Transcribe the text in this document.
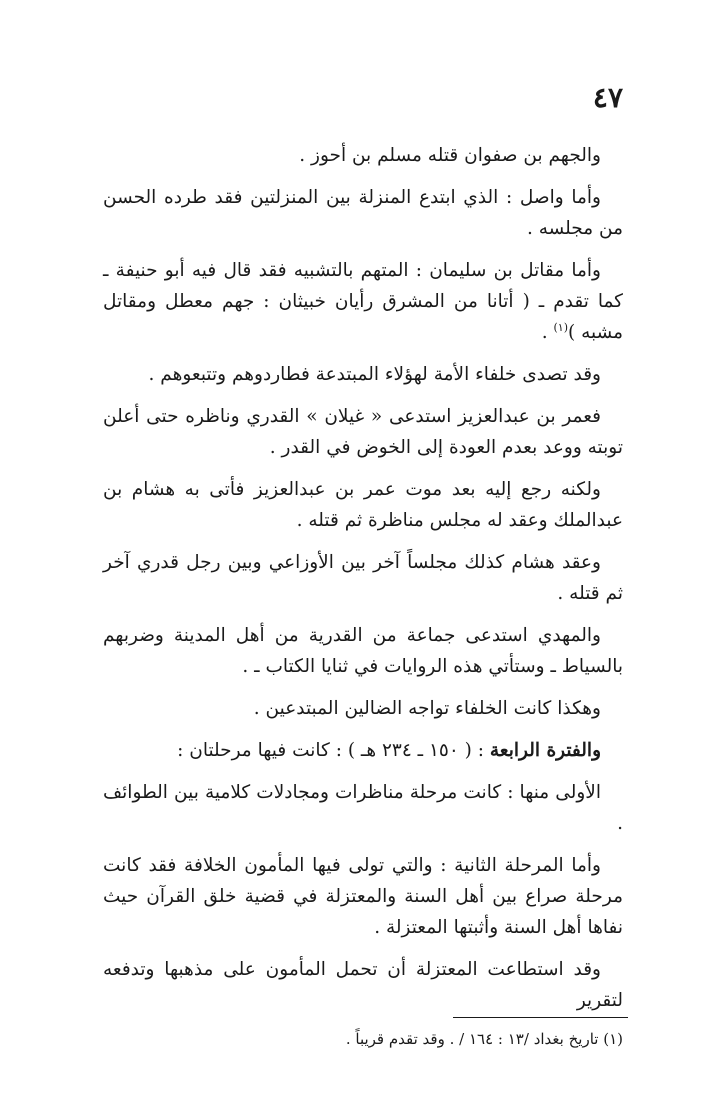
٤٧

والجهم بن صفوان قتله مسلم بن أحوز .

وأما واصل : الذي ابتدع المنزلة بين المنزلتين فقد طرده الحسن من مجلسه .

وأما مقاتل بن سليمان : المتهم بالتشبيه فقد قال فيه أبو حنيفة ـ كما تقدم ـ ( أتانا من المشرق رأيان خبيثان : جهم معطل ومقاتل مشبه )$^{(١)}$ .

وقد تصدى خلفاء الأمة لهؤلاء المبتدعة فطاردوهم وتتبعوهم .

فعمر بن عبدالعزيز استدعى « غيلان » القدري وناظره حتى أعلن توبته ووعد بعدم العودة إلى الخوض في القدر .

ولكنه رجع إليه بعد موت عمر بن عبدالعزيز فأتى به هشام بن عبدالملك وعقد له مجلس مناظرة ثم قتله .

وعقد هشام كذلك مجلساً آخر بين الأوزاعي وبين رجل قدري آخر ثم قتله .

والمهدي استدعى جماعة من القدرية من أهل المدينة وضربهم بالسياط ـ وستأتي هذه الروايات في ثنايا الكتاب ـ .

وهكذا كانت الخلفاء تواجه الضالين المبتدعين .

والفترة الرابعة : ( ١٥٠ ـ ٢٣٤ هـ ) : كانت فيها مرحلتان :

الأولى منها : كانت مرحلة مناظرات ومجادلات كلامية بين الطوائف .

وأما المرحلة الثانية : والتي تولى فيها المأمون الخلافة فقد كانت مرحلة صراع بين أهل السنة والمعتزلة في قضية خلق القرآن حيث نفاها أهل السنة وأثبتها المعتزلة .

وقد استطاعت المعتزلة أن تحمل المأمون على مذهبها وتدفعه لتقرير

(١) تاريخ بغداد /١٣ : ١٦٤ / . وقد تقدم قريباً .
